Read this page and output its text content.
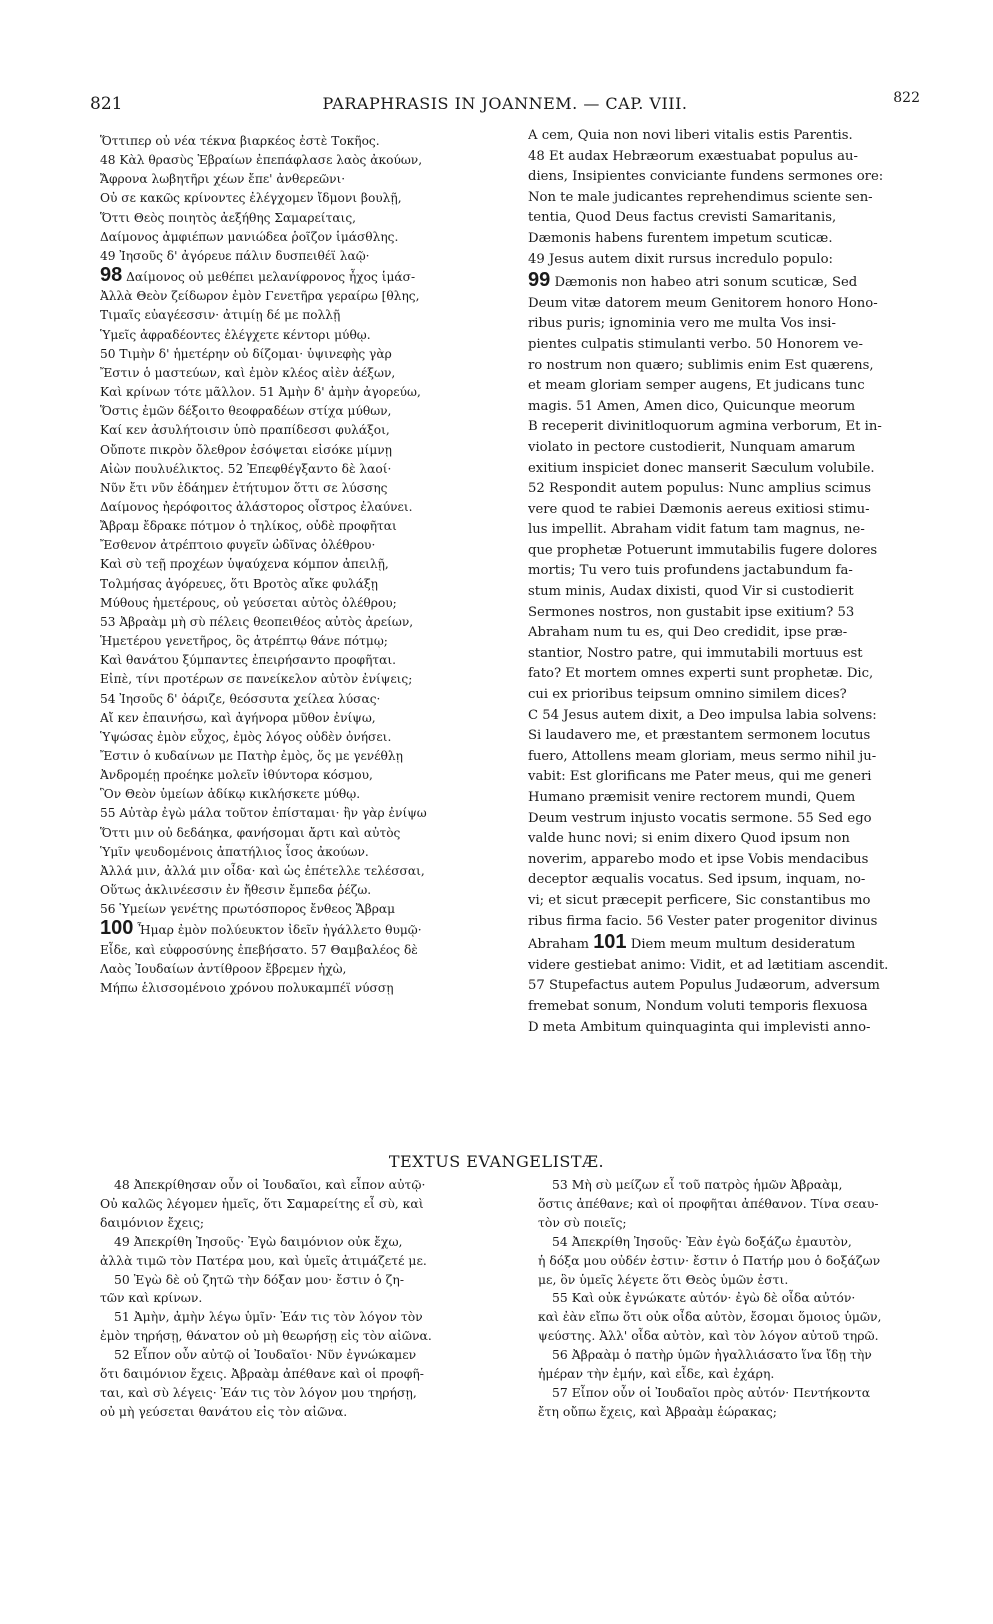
821	PARAPHRASIS IN JOANNEM. — CAP. VIII.	822
Ὅττιπερ οὐ νέα τέκνα βιαρκέος ἐστὲ Τοκῆος.
48 Κὰλ θρασὺς Ἑβραίων ἐπεπάφλασε λαὸς ἀκούων,
Ἄφρονα λωβητῆρι χέων ἔπε' ἀνθερεῶνι·
Οὐ σε κακῶς κρίνοντες ἐλέγχομεν ἴδμονι βουλῇ,
Ὅττι Θεὸς ποιητὸς ἀεξήθης Σαμαρείταις,
Δαίμονος ἀμφιέπων μανιώδεα ῥοῖζον ἱμάσθλης.
49 Ἰησοῦς δ' ἀγόρευε πάλιν δυσπειθέϊ λαῷ·
98 Δαίμονος οὐ μεθέπει μελανίφρονος ἦχος ἱμάσ-
Ἀλλὰ Θεὸν ζείδωρον ἐμὸν Γενετῆρα γεραίρω [θλης,
Τιμαῖς εὐαγέεσσιν· ἀτιμίῃ δέ με πολλῇ
Ὑμεῖς ἀφραδέοντες ἐλέγχετε κέντορι μύθῳ.
50 Τιμὴν δ' ἡμετέρην οὐ δίζομαι· ὑψινεφὴς γὰρ
Ἔστιν ὁ μαστεύων, καὶ ἐμὸν κλέος αἰὲν ἀέξων,
Καὶ κρίνων τότε μᾶλλον. 51 Ἀμὴν δ' ἀμὴν ἀγορεύω,
Ὅστις ἐμῶν δέξοιτο θεοφραδέων στίχα μύθων,
Καί κεν ἀσυλήτοισιν ὑπὸ πραπίδεσσι φυλάξοι,
Οὔποτε πικρὸν ὄλεθρον ἐσόψεται εἰσόκε μίμνῃ
Αἰὼν πουλυέλικτος. 52 Ἐπεφθέγξαντο δὲ λαοί·
Νῦν ἔτι νῦν ἐδάημεν ἐτήτυμον ὅττι σε λύσσης
Δαίμονος ἠερόφοιτος ἀλάστορος οἶστρος ἐλαύνει.
Ἄβραμ ἔδρακε πότμον ὁ τηλίκος, οὐδὲ προφῆται
Ἔσθενον ἀτρέπτοιο φυγεῖν ὠδῖνας ὀλέθρου·
Καὶ σὺ τεῇ προχέων ὑψαύχενα κόμπον ἀπειλῇ,
Τολμήσας ἀγόρευες, ὅτι Βροτὸς αἴκε φυλάξῃ
Μύθους ἡμετέρους, οὐ γεύσεται αὐτὸς ὀλέθρου;
53 Ἀβραὰμ μὴ σὺ πέλεις θεοπειθέος αὐτὸς ἀρείων,
Ἡμετέρου γενετῆρος, ὃς ἀτρέπτῳ θάνε πότμῳ;
Καὶ θανάτου ξύμπαντες ἐπειρήσαντο προφῆται.
Εἰπὲ, τίνι προτέρων σε πανείκελον αὐτὸν ἐνίψεις;
54 Ἰησοῦς δ' ὀάριζε, θεόσσυτα χείλεα λύσας·
Αἴ κεν ἐπαινήσω, καὶ ἀγήνορα μῦθον ἐνίψω,
Ὑψώσας ἐμὸν εὖχος, ἐμὸς λόγος οὐδὲν ὀνήσει.
Ἔστιν ὁ κυδαίνων με Πατὴρ ἐμὸς, ὅς με γενέθλῃ
Ἀνδρομέῃ προέηκε μολεῖν ἰθύντορα κόσμου,
Ὃν Θεὸν ὑμείων ἀδίκῳ κικλήσκετε μύθῳ.
55 Αὐτὰρ ἐγὼ μάλα τοῦτον ἐπίσταμαι· ἢν γὰρ ἐνίψω
Ὅττι μιν οὐ δεδάηκα, φανήσομαι ἄρτι καὶ αὐτὸς
Ὑμῖν ψευδομένοις ἀπατήλιος ἶσος ἀκούων.
Ἀλλά μιν, ἀλλά μιν οἶδα· καὶ ὡς ἐπέτελλε τελέσσαι,
Οὕτως ἀκλινέεσσιν ἐν ἤθεσιν ἔμπεδα ῥέζω.
56 Ὑμείων γενέτης πρωτόσπορος ἔνθεος Ἄβραμ
100 Ἦμαρ ἐμὸν πολύευκτον ἰδεῖν ἠγάλλετο θυμῷ·
Εἶδε, καὶ εὐφροσύνης ἐπεβήσατο. 57 Θαμβαλέος δὲ
Λαὸς Ἰουδαίων ἀντίθροον ἔβρεμεν ἠχὼ,
Μήπω ἑλισσομένοιο χρόνου πολυκαμπέϊ νύσσῃ
A cem, Quia non novi liberi vitalis estis Parentis.
48 Et audax Hebræorum exæstuabat populus au-
diens, Insipientes conviciante fundens sermones ore:
Non te male judicantes reprehendimus sciente sen-
tentia, Quod Deus factus crevisti Samaritanis,
Dæmonis habens furentem impetum scuticæ.
49 Jesus autem dixit rursus incredulo populo:
99 Dæmonis non habeo atri sonum scuticæ, Sed
Deum vitæ datorem meum Genitorem honoro Hono-
ribus puris; ignominia vero me multa Vos insi-
pientes culpatis stimulanti verbo. 50 Honorem ve-
ro nostrum non quæro; sublimis enim Est quærens,
et meam gloriam semper augens, Et judicans tunc
magis. 51 Amen, Amen dico, Quicunque meorum
B receperit divinitloquorum agmina verborum, Et in-
violato in pectore custodierit, Nunquam amarum
exitium inspiciet donec manserit Sæculum volubile.
52 Respondit autem populus: Nunc amplius scimus
vere quod te rabiei Dæmonis aereus exitiosi stimu-
lus impellit. Abraham vidit fatum tam magnus, ne-
que prophetæ Potuerunt immutabilis fugere dolores
mortis; Tu vero tuis profundens jactabundum fa-
stum minis, Audax dixisti, quod Vir si custodierit
Sermones nostros, non gustabit ipse exitium? 53
Abraham num tu es, qui Deo credidit, ipse præ-
stantior, Nostro patre, qui immutabili mortuus est
fato? Et mortem omnes experti sunt prophetæ. Dic,
cui ex prioribus teipsum omnino similem dices?
C 54 Jesus autem dixit, a Deo impulsa labia solvens:
Si laudavero me, et præstantem sermonem locutus
fuero, Attollens meam gloriam, meus sermo nihil ju-
vabit: Est glorificans me Pater meus, qui me generi
Humano præmisit venire rectorem mundi, Quem
Deum vestrum injusto vocatis sermone. 55 Sed ego
valde hunc novi; si enim dixero Quod ipsum non
noverim, apparebo modo et ipse Vobis mendacibus
deceptor æqualis vocatus. Sed ipsum, inquam, no-
vi; et sicut præcepit perficere, Sic constantibus mo
ribus firma facio. 56 Vester pater progenitor divinus
Abraham 101 Diem meum multum desideratum
videre gestiebat animo: Vidit, et ad lætitiam ascendit.
57 Stupefactus autem Populus Judæorum, adversum
fremebat sonum, Nondum voluti temporis flexuosa
D meta Ambitum quinquaginta qui implevisti anno-
TEXTUS EVANGELISTÆ.
48 Ἀπεκρίθησαν οὖν οἱ Ἰουδαῖοι, καὶ εἶπον αὐτῷ·
Οὐ καλῶς λέγομεν ἡμεῖς, ὅτι Σαμαρείτης εἶ σὺ, καὶ
δαιμόνιον ἔχεις;
49 Ἀπεκρίθη Ἰησοῦς· Ἐγὼ δαιμόνιον οὐκ ἔχω,
ἀλλὰ τιμῶ τὸν Πατέρα μου, καὶ ὑμεῖς ἀτιμάζετέ με.
50 Ἐγὼ δὲ οὐ ζητῶ τὴν δόξαν μου· ἔστιν ὁ ζη-
τῶν καὶ κρίνων.
51 Ἀμὴν, ἀμὴν λέγω ὑμῖν· Ἐάν τις τὸν λόγον τὸν
ἐμὸν τηρήσῃ, θάνατον οὐ μὴ θεωρήσῃ εἰς τὸν αἰῶνα.
52 Εἶπον οὖν αὐτῷ οἱ Ἰουδαῖοι· Νῦν ἐγνώκαμεν
ὅτι δαιμόνιον ἔχεις. Ἀβραὰμ ἀπέθανε καὶ οἱ προφῆ-
ται, καὶ σὺ λέγεις· Ἐάν τις τὸν λόγον μου τηρήσῃ,
οὐ μὴ γεύσεται θανάτου εἰς τὸν αἰῶνα.
53 Μὴ σὺ μείζων εἶ τοῦ πατρὸς ἡμῶν Ἀβραὰμ,
ὅστις ἀπέθανε; καὶ οἱ προφῆται ἀπέθανον. Τίνα σεαυ-
τὸν σὺ ποιεῖς;
54 Ἀπεκρίθη Ἰησοῦς· Ἐὰν ἐγὼ δοξάζω ἐμαυτὸν,
ἡ δόξα μου οὐδέν ἐστιν· ἔστιν ὁ Πατήρ μου ὁ δοξάζων
με, ὃν ὑμεῖς λέγετε ὅτι Θεὸς ὑμῶν ἐστι.
55 Καὶ οὐκ ἐγνώκατε αὐτόν· ἐγὼ δὲ οἶδα αὐτόν·
καὶ ἐὰν εἴπω ὅτι οὐκ οἶδα αὐτὸν, ἔσομαι ὅμοιος ὑμῶν,
ψεύστης. Ἀλλ' οἶδα αὐτὸν, καὶ τὸν λόγον αὐτοῦ τηρῶ.
56 Ἀβραὰμ ὁ πατὴρ ὑμῶν ἠγαλλιάσατο ἵνα ἴδῃ τὴν
ἡμέραν τὴν ἐμήν, καὶ εἶδε, καὶ ἐχάρη.
57 Εἶπον οὖν οἱ Ἰουδαῖοι πρὸς αὐτόν· Πεντήκοντα
ἔτη οὔπω ἔχεις, καὶ Ἀβραὰμ ἑώρακας;
